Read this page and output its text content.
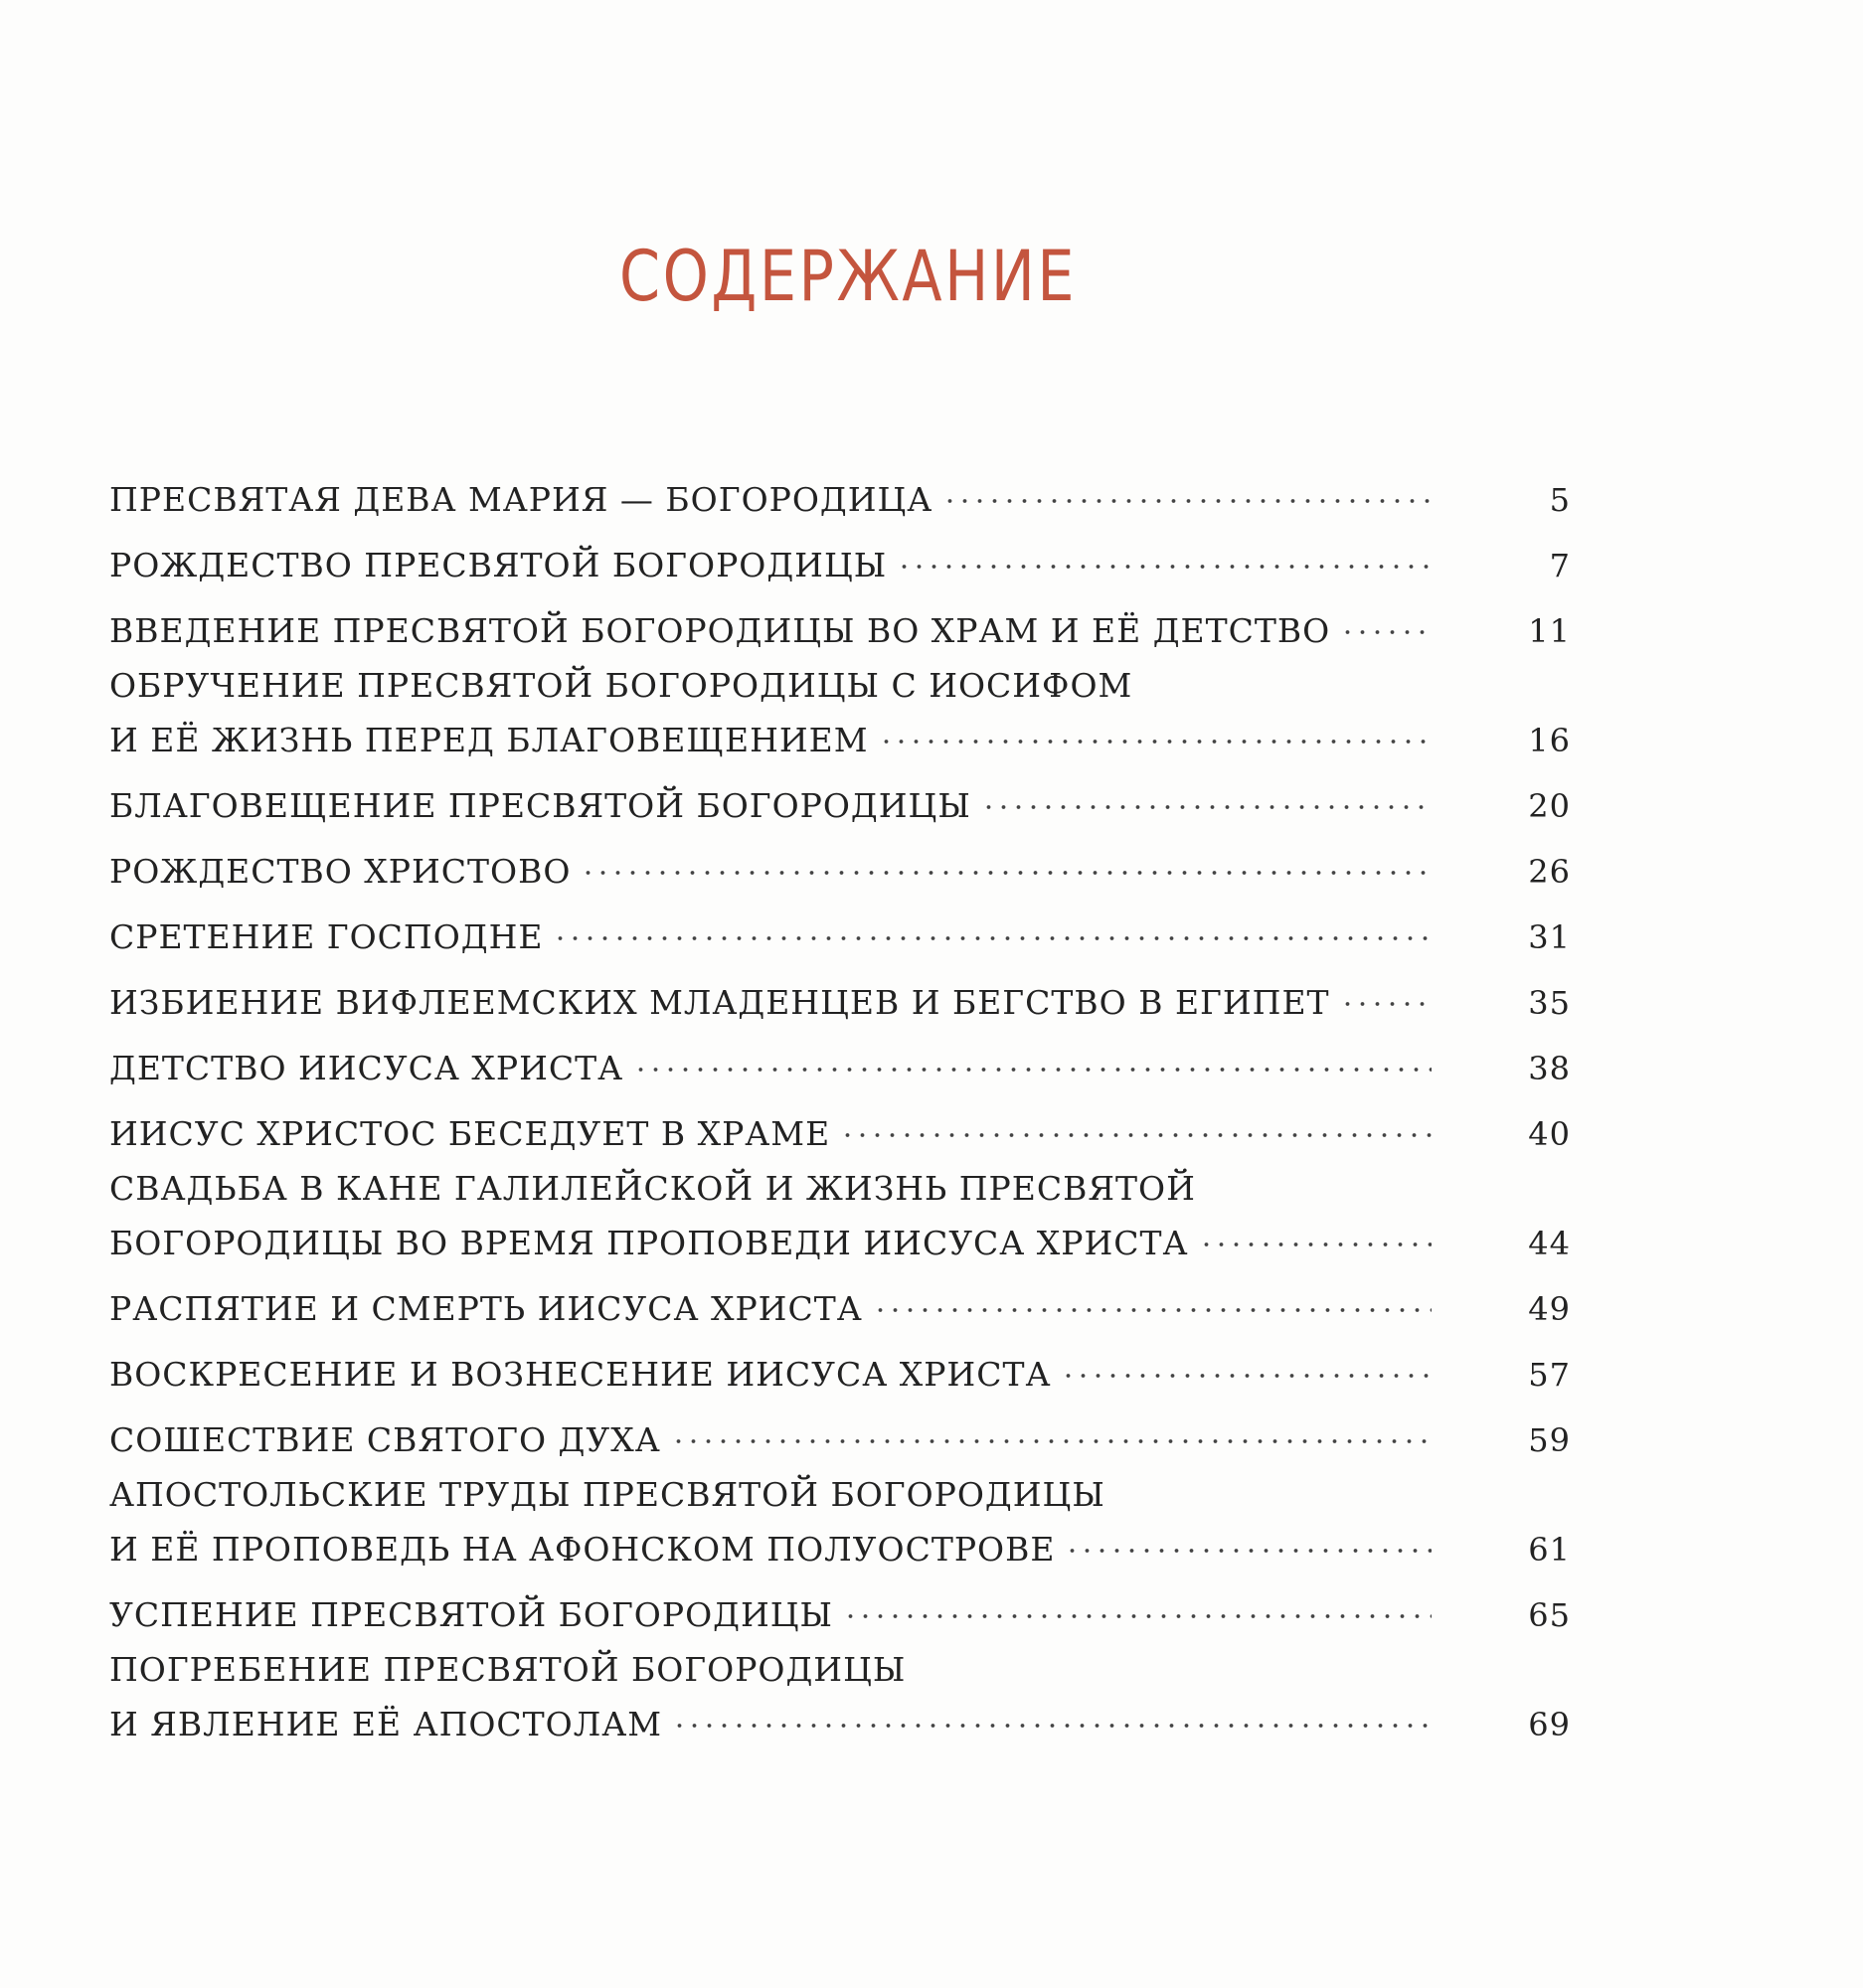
СОДЕРЖАНИЕ
ПРЕСВЯТАЯ ДЕВА МАРИЯ — БОГОРОДИЦА	5
РОЖДЕСТВО ПРЕСВЯТОЙ БОГОРОДИЦЫ	7
ВВЕДЕНИЕ ПРЕСВЯТОЙ БОГОРОДИЦЫ ВО ХРАМ И ЕЁ ДЕТСТВО	11
ОБРУЧЕНИЕ ПРЕСВЯТОЙ БОГОРОДИЦЫ С ИОСИФОМ
И ЕЁ ЖИЗНЬ ПЕРЕД БЛАГОВЕЩЕНИЕМ	16
БЛАГОВЕЩЕНИЕ ПРЕСВЯТОЙ БОГОРОДИЦЫ	20
РОЖДЕСТВО ХРИСТОВО	26
СРЕТЕНИЕ ГОСПОДНЕ	31
ИЗБИЕНИЕ ВИФЛЕЕМСКИХ МЛАДЕНЦЕВ И БЕГСТВО В ЕГИПЕТ	35
ДЕТСТВО ИИСУСА ХРИСТА	38
ИИСУС ХРИСТОС БЕСЕДУЕТ В ХРАМЕ	40
СВАДЬБА В КАНЕ ГАЛИЛЕЙСКОЙ И ЖИЗНЬ ПРЕСВЯТОЙ
БОГОРОДИЦЫ ВО ВРЕМЯ ПРОПОВЕДИ ИИСУСА ХРИСТА	44
РАСПЯТИЕ И СМЕРТЬ ИИСУСА ХРИСТА	49
ВОСКРЕСЕНИЕ И ВОЗНЕСЕНИЕ ИИСУСА ХРИСТА	57
СОШЕСТВИЕ СВЯТОГО ДУХА	59
АПОСТОЛЬСКИЕ ТРУДЫ ПРЕСВЯТОЙ БОГОРОДИЦЫ
И ЕЁ ПРОПОВЕДЬ НА АФОНСКОМ ПОЛУОСТРОВЕ	61
УСПЕНИЕ ПРЕСВЯТОЙ БОГОРОДИЦЫ	65
ПОГРЕБЕНИЕ ПРЕСВЯТОЙ БОГОРОДИЦЫ
И ЯВЛЕНИЕ ЕЁ АПОСТОЛАМ	69
